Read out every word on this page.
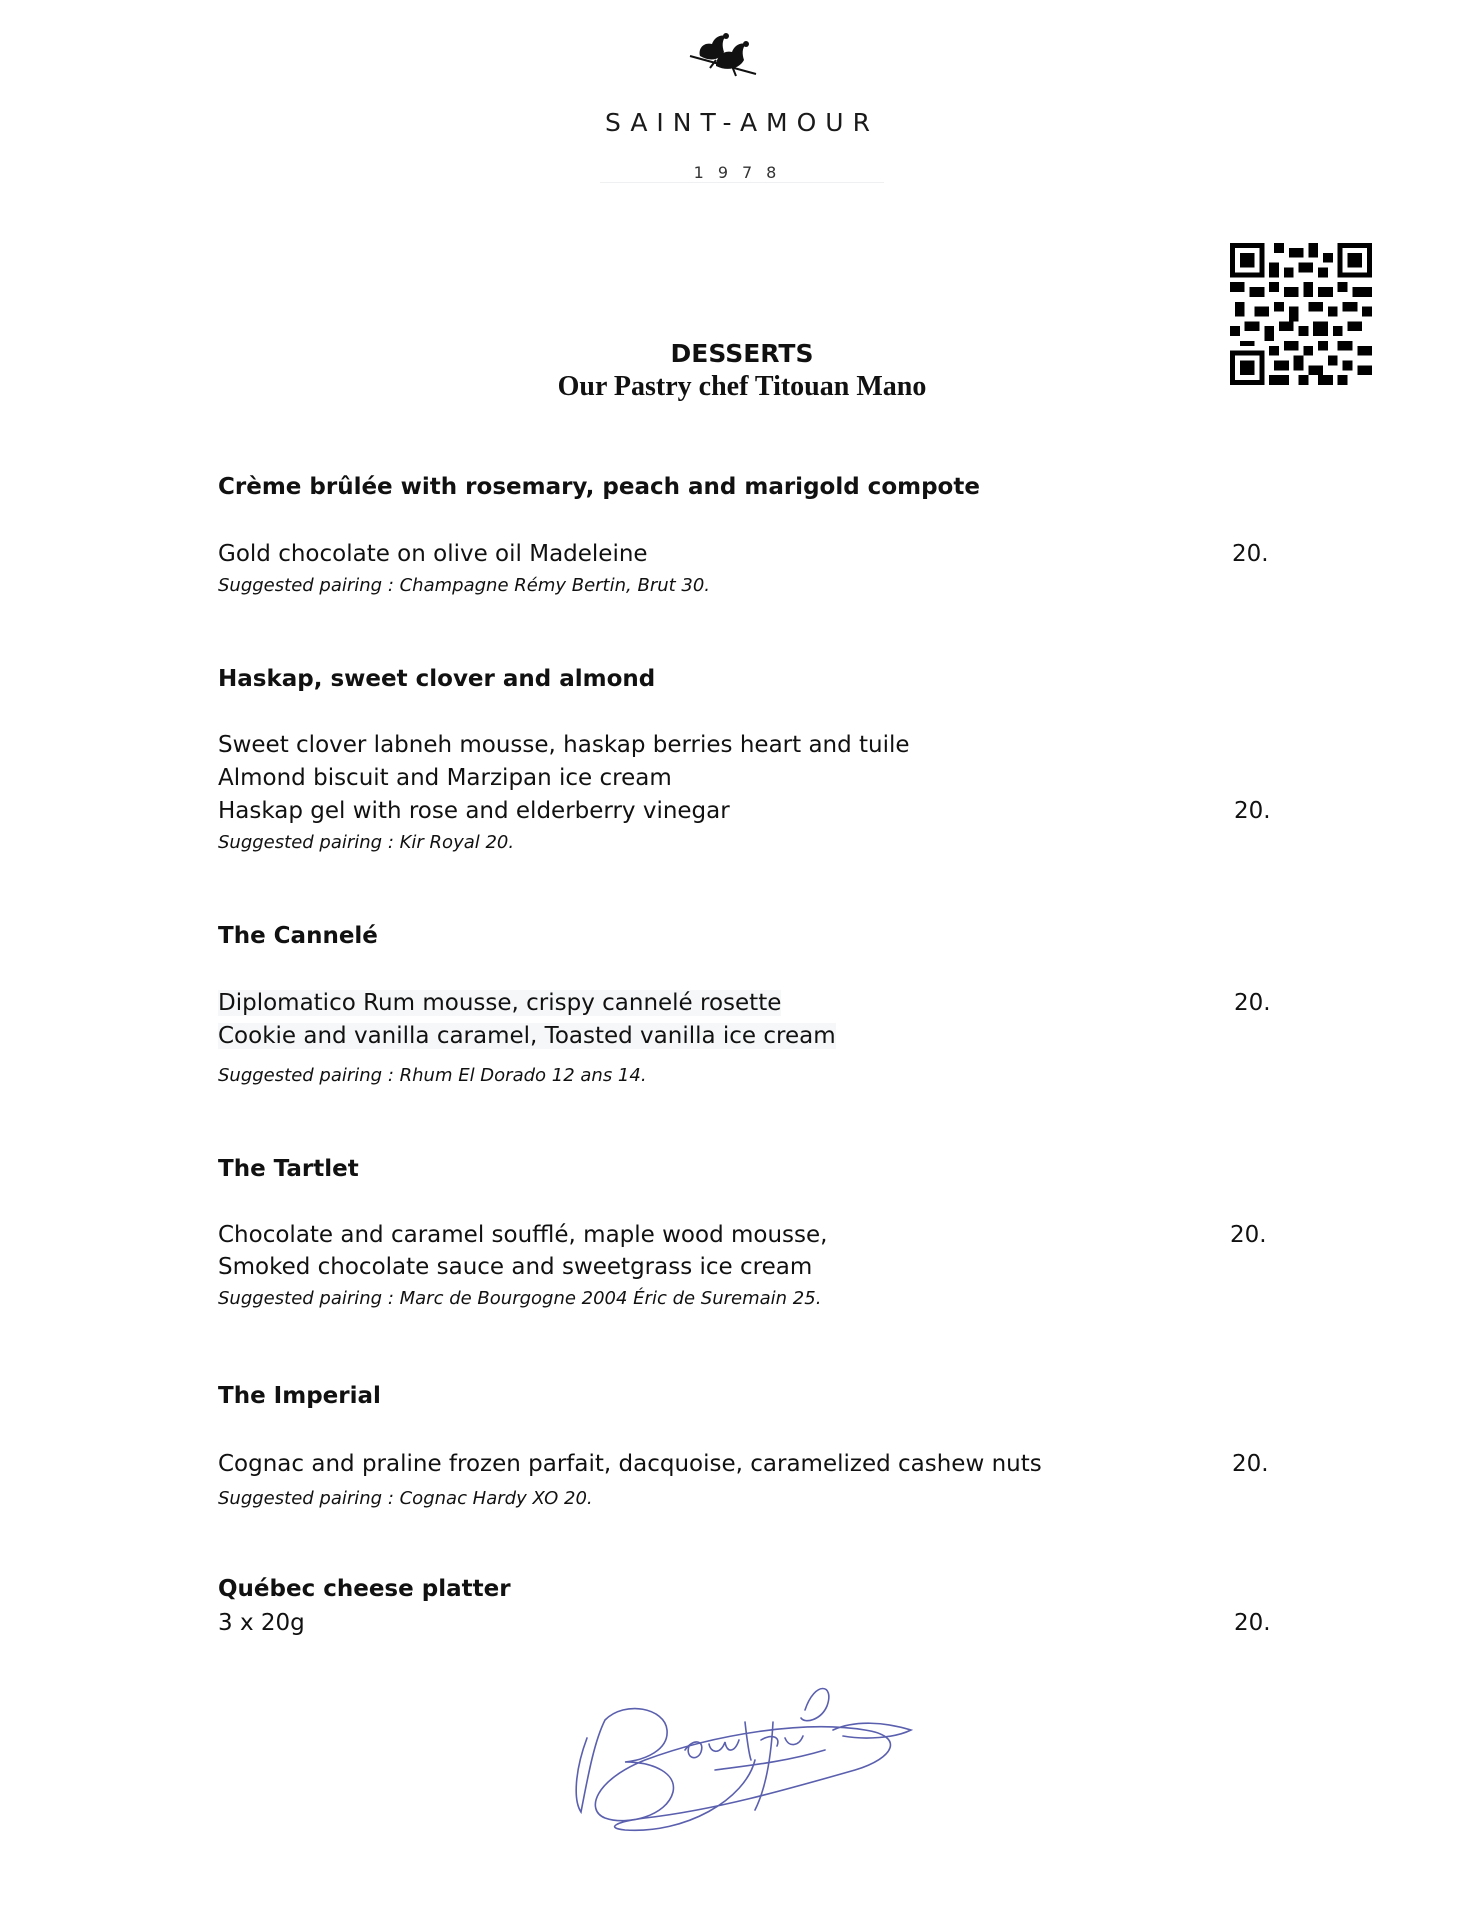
SAINT-AMOUR
1978
DESSERTS
Our Pastry chef Titouan Mano
Crème brûlée with rosemary, peach and marigold compote
Gold chocolate on olive oil Madeleine	20.
Suggested pairing : Champagne Rémy Bertin, Brut 30.
Haskap, sweet clover and almond
Sweet clover labneh mousse, haskap berries heart and tuile
Almond biscuit and Marzipan ice cream
Haskap gel with rose and elderberry vinegar	20.
Suggested pairing : Kir Royal 20.
The Cannelé
Diplomatico Rum mousse, crispy cannelé rosette	20.
Cookie and vanilla caramel, Toasted vanilla ice cream
Suggested pairing : Rhum El Dorado 12 ans 14.
The Tartlet
Chocolate and caramel soufflé, maple wood mousse,	20.
Smoked chocolate sauce and sweetgrass ice cream
Suggested pairing : Marc de Bourgogne 2004 Éric de Suremain 25.
The Imperial
Cognac and praline frozen parfait, dacquoise, caramelized cashew nuts	20.
Suggested pairing : Cognac Hardy XO 20.
Québec cheese platter
3 x 20g	20.
